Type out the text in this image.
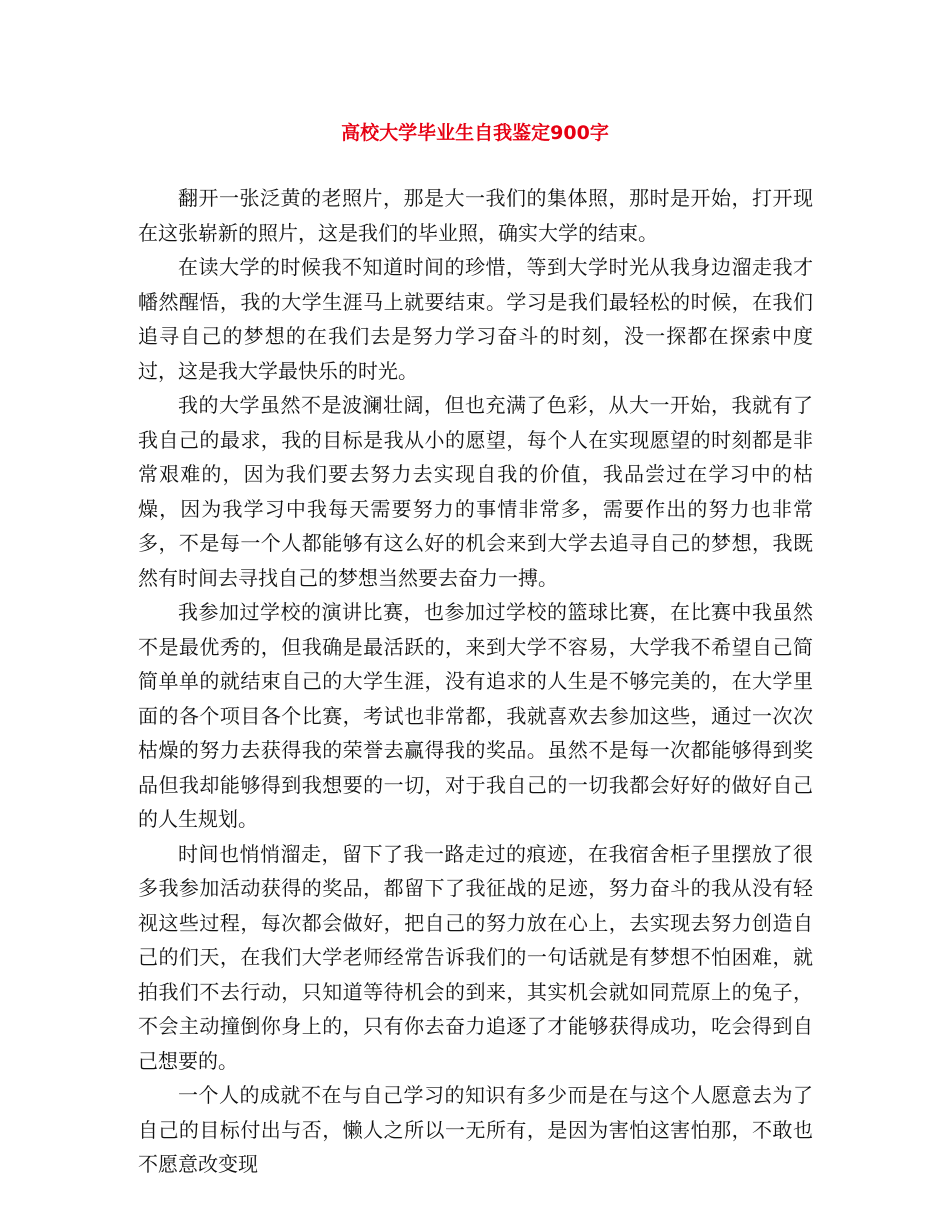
高校大学毕业生自我鉴定900字

翻开一张泛黄的老照片，那是大一我们的集体照，那时是开始，打开现在这张崭新的照片，这是我们的毕业照，确实大学的结束。

在读大学的时候我不知道时间的珍惜，等到大学时光从我身边溜走我才幡然醒悟，我的大学生涯马上就要结束。学习是我们最轻松的时候，在我们追寻自己的梦想的在我们去是努力学习奋斗的时刻，没一探都在探索中度过，这是我大学最快乐的时光。

我的大学虽然不是波澜壮阔，但也充满了色彩，从大一开始，我就有了我自己的最求，我的目标是我从小的愿望，每个人在实现愿望的时刻都是非常艰难的，因为我们要去努力去实现自我的价值，我品尝过在学习中的枯燥，因为我学习中我每天需要努力的事情非常多，需要作出的努力也非常多，不是每一个人都能够有这么好的机会来到大学去追寻自己的梦想，我既然有时间去寻找自己的梦想当然要去奋力一搏。

我参加过学校的演讲比赛，也参加过学校的篮球比赛，在比赛中我虽然不是最优秀的，但我确是最活跃的，来到大学不容易，大学我不希望自己简简单单的就结束自己的大学生涯，没有追求的人生是不够完美的，在大学里面的各个项目各个比赛，考试也非常都，我就喜欢去参加这些，通过一次次枯燥的努力去获得我的荣誉去赢得我的奖品。虽然不是每一次都能够得到奖品但我却能够得到我想要的一切，对于我自己的一切我都会好好的做好自己的人生规划。

时间也悄悄溜走，留下了我一路走过的痕迹，在我宿舍柜子里摆放了很多我参加活动获得的奖品，都留下了我征战的足迹，努力奋斗的我从没有轻视这些过程，每次都会做好，把自己的努力放在心上，去实现去努力创造自己的们天，在我们大学老师经常告诉我们的一句话就是有梦想不怕困难，就拍我们不去行动，只知道等待机会的到来，其实机会就如同荒原上的兔子，不会主动撞倒你身上的，只有你去奋力追逐了才能够获得成功，吃会得到自己想要的。

一个人的成就不在与自己学习的知识有多少而是在与这个人愿意去为了自己的目标付出与否，懒人之所以一无所有，是因为害怕这害怕那，不敢也不愿意改变现
